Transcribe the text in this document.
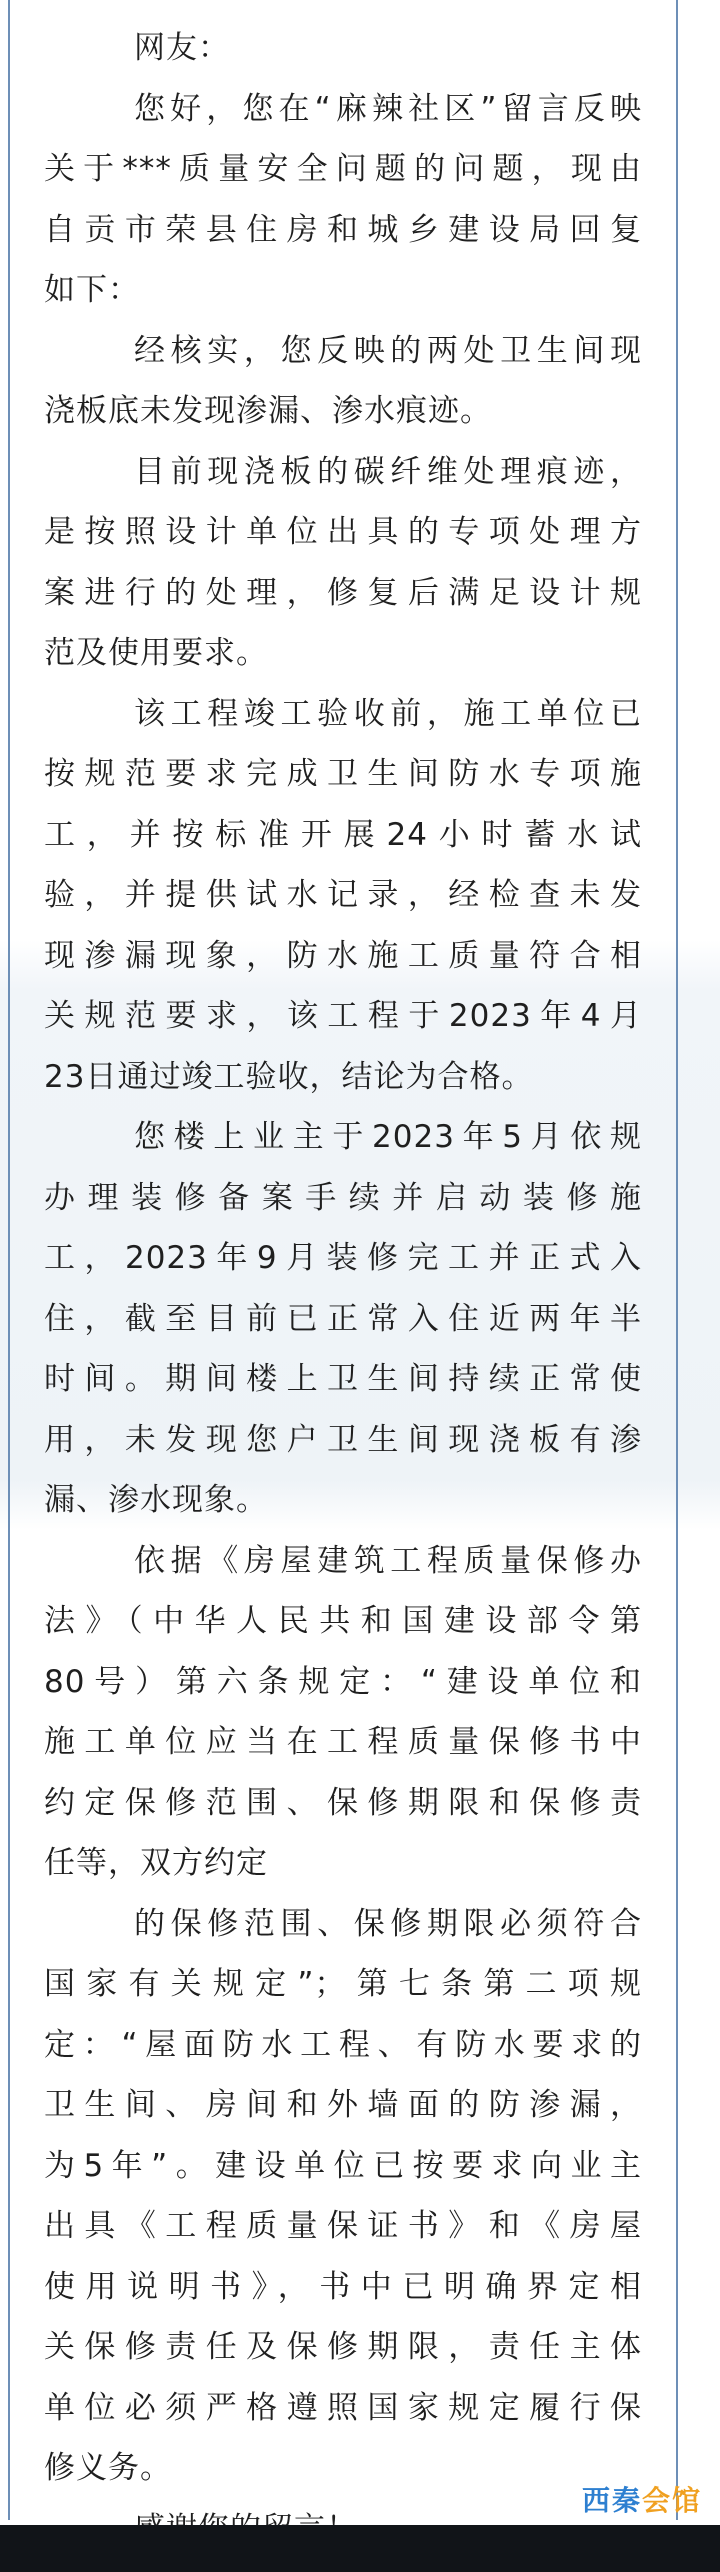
网友：
您好，您在“麻辣社区”留言反映
关于***质量安全问题的问题，现由
自贡市荣县住房和城乡建设局回复
如下：
经核实，您反映的两处卫生间现
浇板底未发现渗漏、渗水痕迹。
目前现浇板的碳纤维处理痕迹，
是按照设计单位出具的专项处理方
案进行的处理，修复后满足设计规
范及使用要求。
该工程竣工验收前，施工单位已
按规范要求完成卫生间防水专项施
工，并按标准开展24小时蓄水试
验，并提供试水记录，经检查未发
现渗漏现象，防水施工质量符合相
关规范要求，该工程于2023年4月
23日通过竣工验收，结论为合格。
您楼上业主于2023年5月依规
办理装修备案手续并启动装修施
工，2023年9月装修完工并正式入
住，截至目前已正常入住近两年半
时间。期间楼上卫生间持续正常使
用，未发现您户卫生间现浇板有渗
漏、渗水现象。
依据《房屋建筑工程质量保修办
法》（中华人民共和国建设部令第
80号）第六条规定：“建设单位和
施工单位应当在工程质量保修书中
约定保修范围、保修期限和保修责
任等，双方约定
的保修范围、保修期限必须符合
国家有关规定”；第七条第二项规
定：“屋面防水工程、有防水要求的
卫生间、房间和外墙面的防渗漏，
为5年”。建设单位已按要求向业主
出具《工程质量保证书》和《房屋
使用说明书》，书中已明确界定相
关保修责任及保修期限，责任主体
单位必须严格遵照国家规定履行保
修义务。
西秦会馆
